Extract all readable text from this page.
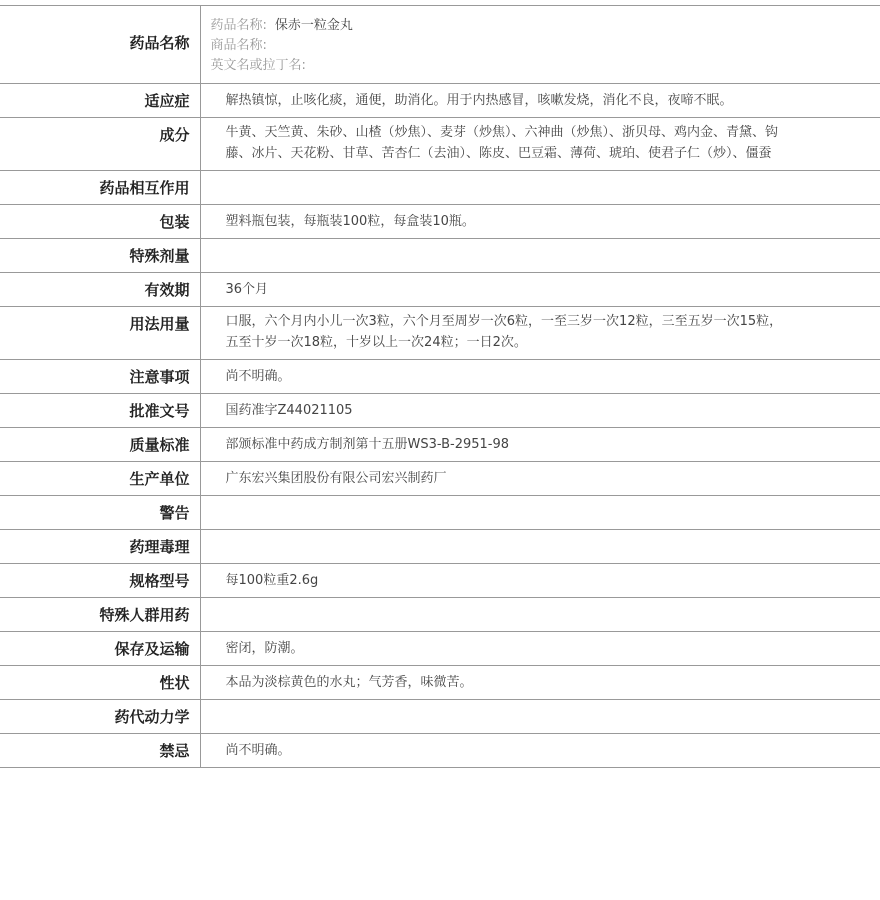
药品名称	药品名称: 保赤一粒金丸
商品名称:
英文名或拉丁名:

适应症	解热镇惊，止咳化痰，通便，助消化。用于内热感冒，咳嗽发烧，消化不良，夜啼不眠。
成分	牛黄、天竺黄、朱砂、山楂（炒焦）、麦芽（炒焦）、六神曲（炒焦）、浙贝母、鸡内金、青黛、钩藤、冰片、天花粉、甘草、苦杏仁（去油）、陈皮、巴豆霜、薄荷、琥珀、使君子仁（炒）、僵蚕
药品相互作用	
包装	塑料瓶包装，每瓶装100粒，每盒装10瓶。
特殊剂量	
有效期	36个月
用法用量	口服，六个月内小儿一次3粒，六个月至周岁一次6粒，一至三岁一次12粒，三至五岁一次15粒，五至十岁一次18粒，十岁以上一次24粒；一日2次。
注意事项	尚不明确。
批准文号	国药准字Z44021105
质量标准	部颁标准中药成方制剂第十五册WS3-B-2951-98
生产单位	广东宏兴集团股份有限公司宏兴制药厂
警告	
药理毒理	
规格型号	每100粒重2.6g
特殊人群用药	
保存及运输	密闭，防潮。
性状	本品为淡棕黄色的水丸；气芳香，味微苦。
药代动力学	
禁忌	尚不明确。
